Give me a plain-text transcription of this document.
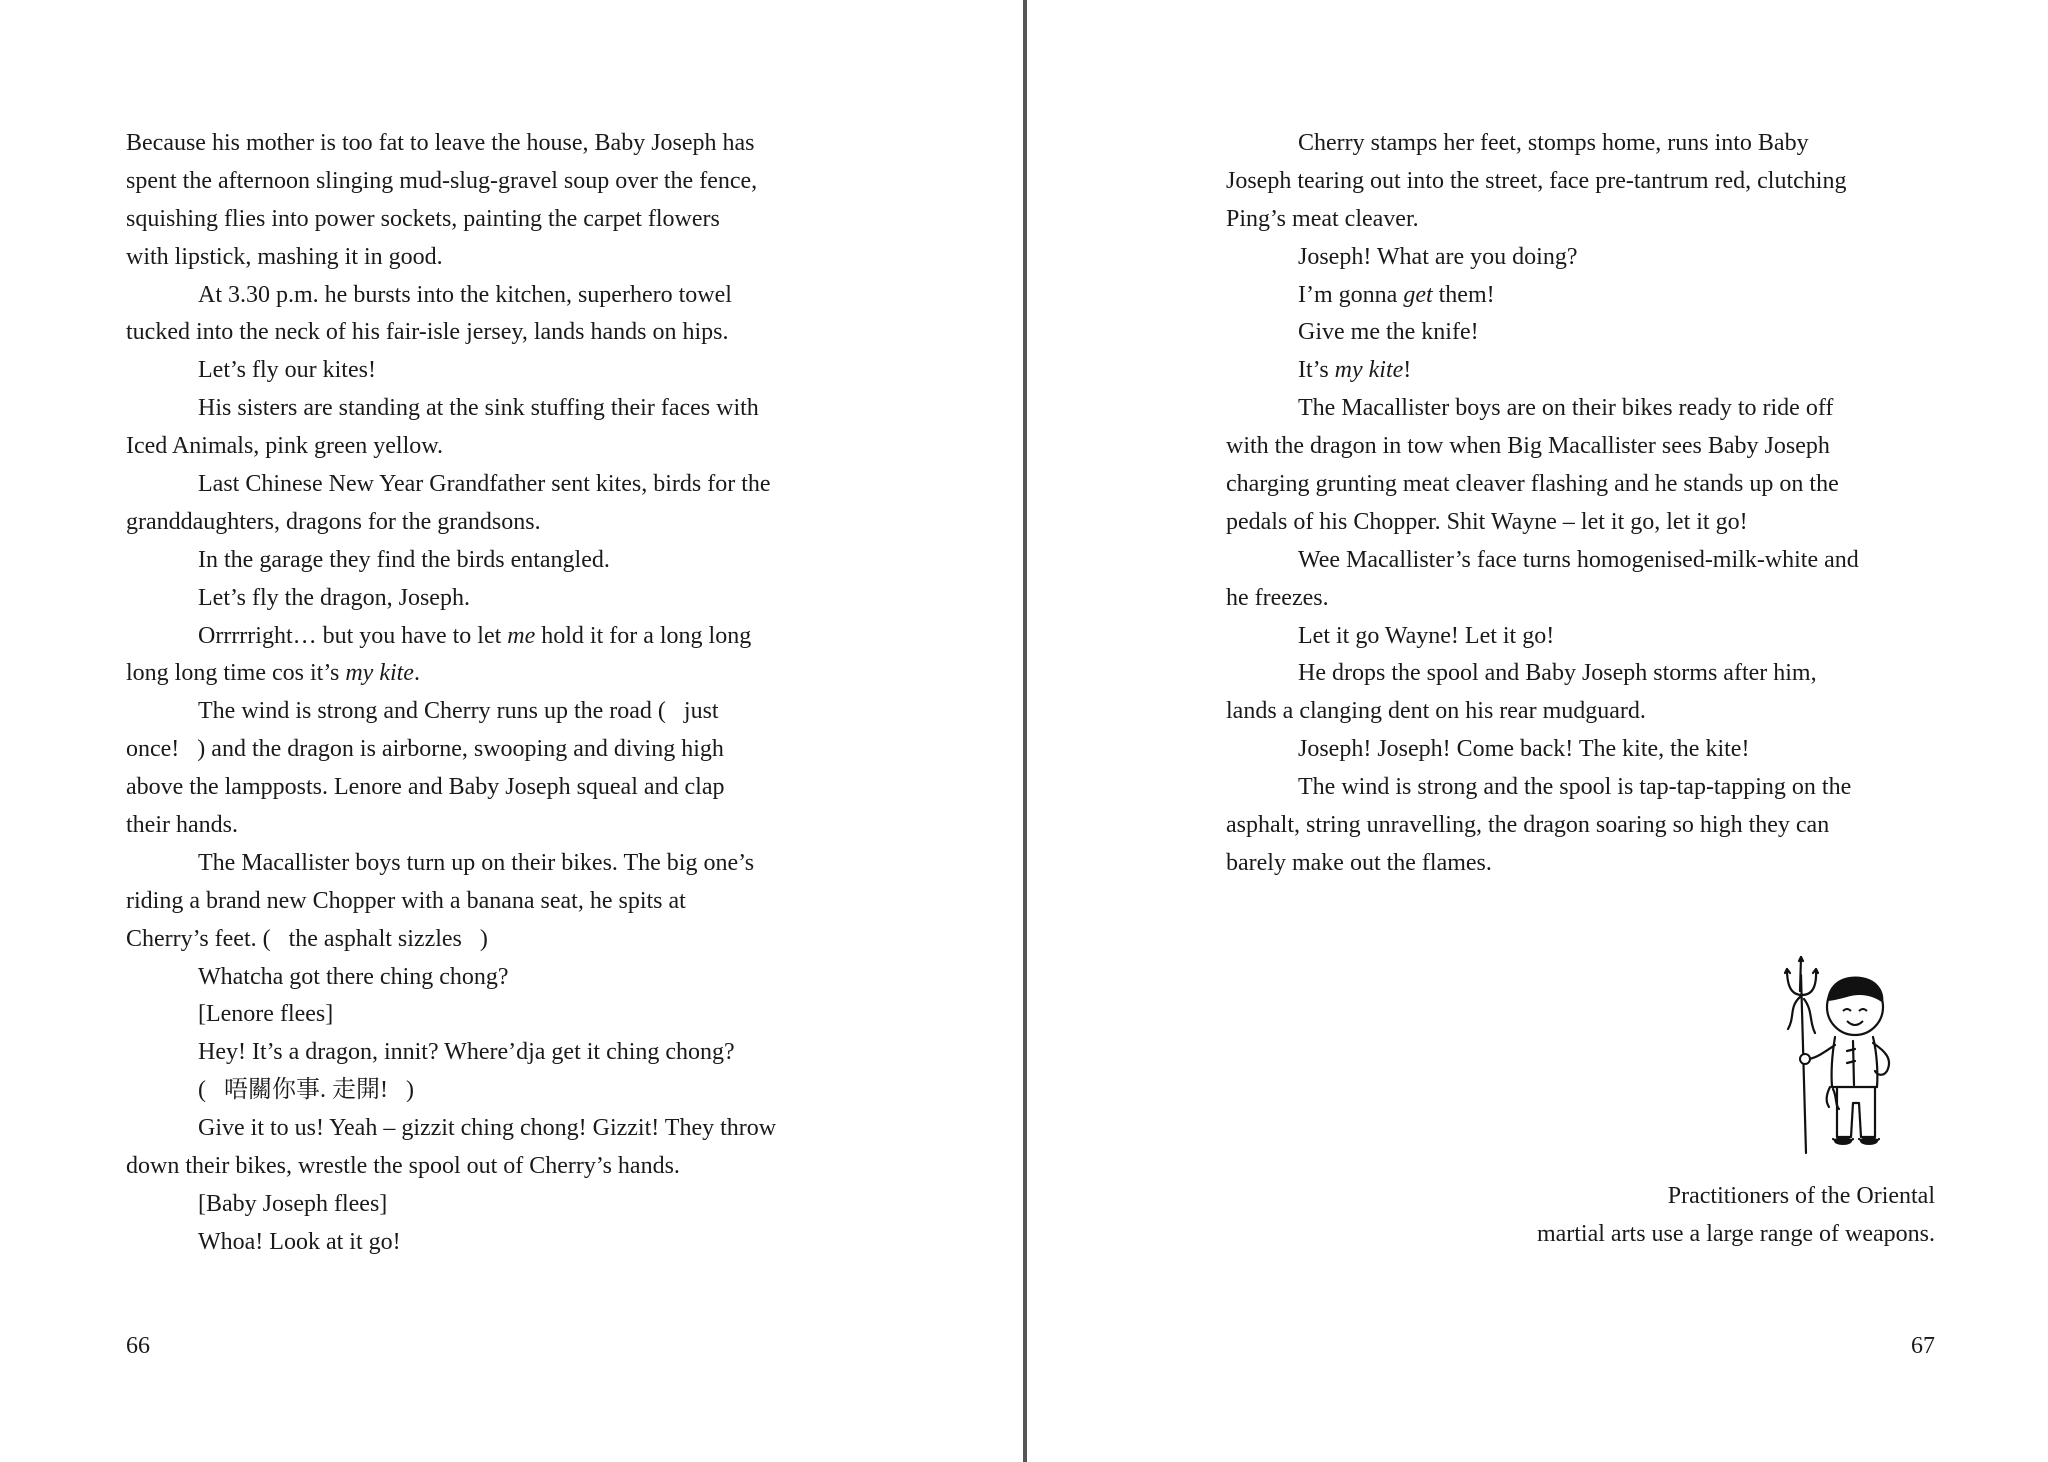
Because his mother is too fat to leave the house, Baby Joseph has
spent the afternoon slinging mud-slug-gravel soup over the fence,
squishing flies into power sockets, painting the carpet flowers
with lipstick, mashing it in good.
At 3.30 p.m. he bursts into the kitchen, superhero towel
tucked into the neck of his fair-isle jersey, lands hands on hips.
Let’s fly our kites!
His sisters are standing at the sink stuffing their faces with
Iced Animals, pink green yellow.
Last Chinese New Year Grandfather sent kites, birds for the
granddaughters, dragons for the grandsons.
In the garage they find the birds entangled.
Let’s fly the dragon, Joseph.
Orrrrright… but you have to let me hold it for a long long
long long time cos it’s my kite.
The wind is strong and Cherry runs up the road ( just
once! ) and the dragon is airborne, swooping and diving high
above the lampposts. Lenore and Baby Joseph squeal and clap
their hands.
The Macallister boys turn up on their bikes. The big one’s
riding a brand new Chopper with a banana seat, he spits at
Cherry’s feet. ( the asphalt sizzles )
Whatcha got there ching chong?
[Lenore flees]
Hey! It’s a dragon, innit? Where’dja get it ching chong?
( 唔關你事. 走開! )
Give it to us! Yeah – gizzit ching chong! Gizzit! They throw
down their bikes, wrestle the spool out of Cherry’s hands.
[Baby Joseph flees]
Whoa! Look at it go!
66
Cherry stamps her feet, stomps home, runs into Baby
Joseph tearing out into the street, face pre-tantrum red, clutching
Ping’s meat cleaver.
Joseph! What are you doing?
I’m gonna get them!
Give me the knife!
It’s my kite!
The Macallister boys are on their bikes ready to ride off
with the dragon in tow when Big Macallister sees Baby Joseph
charging grunting meat cleaver flashing and he stands up on the
pedals of his Chopper. Shit Wayne – let it go, let it go!
Wee Macallister’s face turns homogenised-milk-white and
he freezes.
Let it go Wayne! Let it go!
He drops the spool and Baby Joseph storms after him,
lands a clanging dent on his rear mudguard.
Joseph! Joseph! Come back! The kite, the kite!
The wind is strong and the spool is tap-tap-tapping on the
asphalt, string unravelling, the dragon soaring so high they can
barely make out the flames.
Practitioners of the Oriental
martial arts use a large range of weapons.
67
